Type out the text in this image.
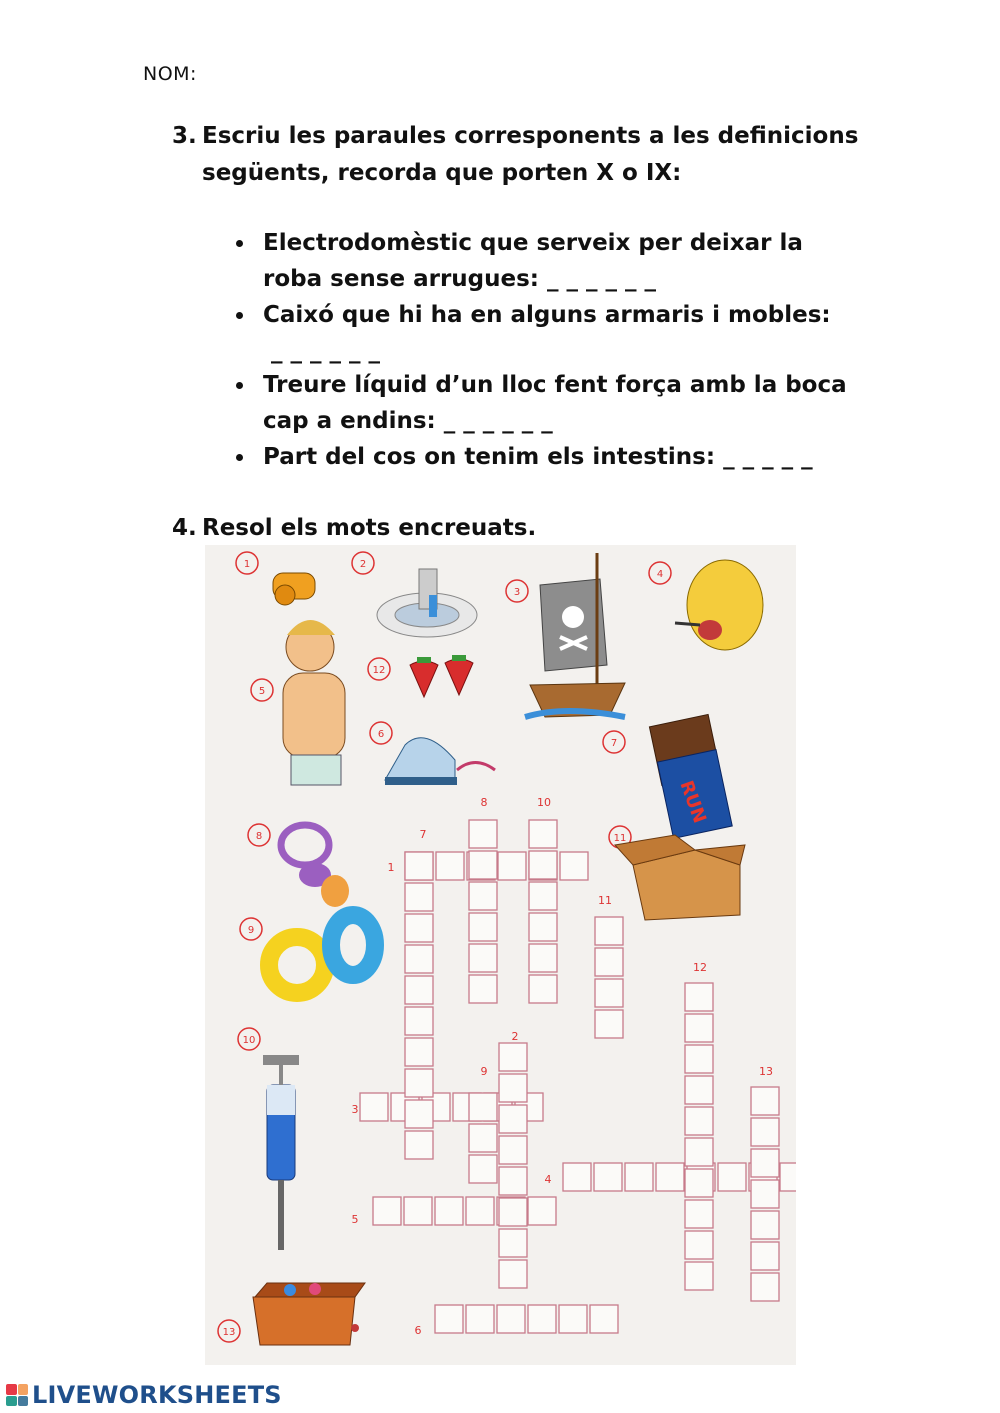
NOM:
3. Escriu les paraules corresponents a les definicions
següents, recorda que porten X o IX:
Electrodomèstic que serveix per deixar la
roba sense arrugues: _ _ _ _ _ _
Caixó que hi ha en alguns armaris i mobles:
_ _ _ _ _ _
Treure líquid d’un lloc fent força amb la boca
cap a endins: _ _ _ _ _ _
Part del cos on tenim els intestins: _ _ _ _ _
4. Resol els mots encreuats.
1	2
3
4
5
6
7
8
9
10
11
12
13
RUN
1
2
3
4
5
6
7
8
9
10
11
12
13
LIVEWORKSHEETS
